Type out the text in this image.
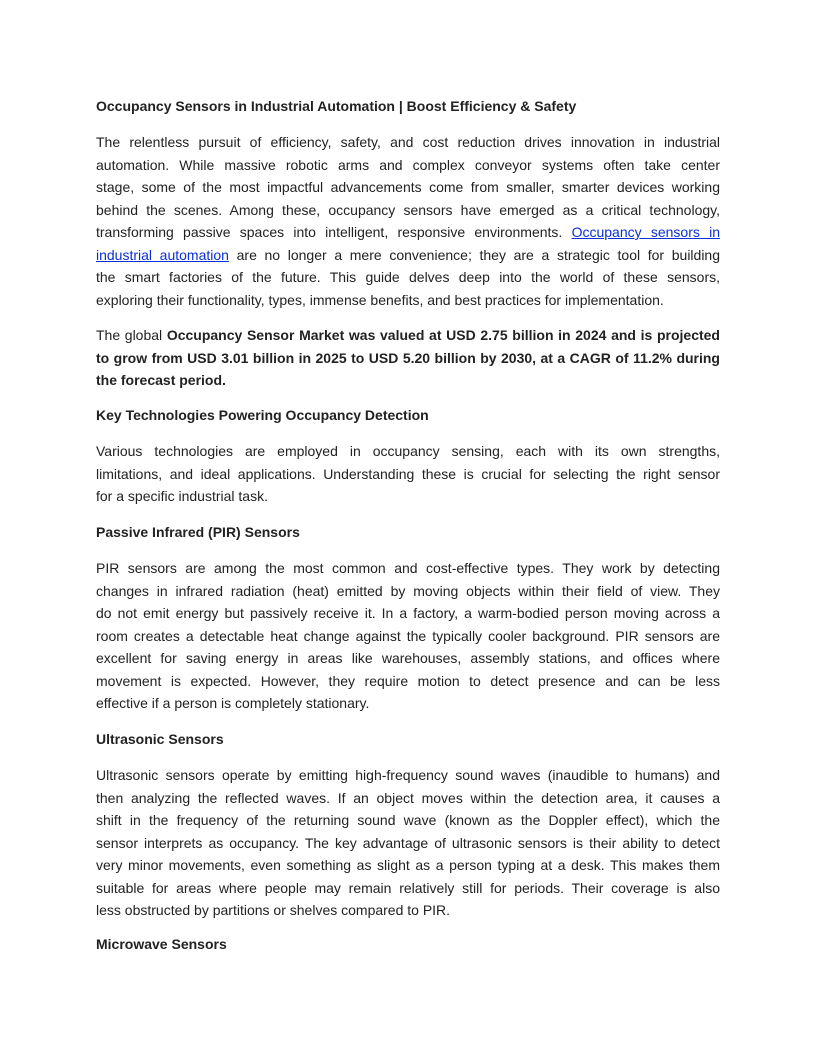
Occupancy Sensors in Industrial Automation | Boost Efficiency & Safety
The relentless pursuit of efficiency, safety, and cost reduction drives innovation in industrial
automation. While massive robotic arms and complex conveyor systems often take center
stage, some of the most impactful advancements come from smaller, smarter devices working
behind the scenes. Among these, occupancy sensors have emerged as a critical technology,
transforming passive spaces into intelligent, responsive environments. Occupancy sensors in
industrial automation are no longer a mere convenience; they are a strategic tool for building
the smart factories of the future. This guide delves deep into the world of these sensors,
exploring their functionality, types, immense benefits, and best practices for implementation.
The global Occupancy Sensor Market was valued at USD 2.75 billion in 2024 and is projected
to grow from USD 3.01 billion in 2025 to USD 5.20 billion by 2030, at a CAGR of 11.2% during
the forecast period.
Key Technologies Powering Occupancy Detection
Various technologies are employed in occupancy sensing, each with its own strengths,
limitations, and ideal applications. Understanding these is crucial for selecting the right sensor
for a specific industrial task.
Passive Infrared (PIR) Sensors
PIR sensors are among the most common and cost-effective types. They work by detecting
changes in infrared radiation (heat) emitted by moving objects within their field of view. They
do not emit energy but passively receive it. In a factory, a warm-bodied person moving across a
room creates a detectable heat change against the typically cooler background. PIR sensors are
excellent for saving energy in areas like warehouses, assembly stations, and offices where
movement is expected. However, they require motion to detect presence and can be less
effective if a person is completely stationary.
Ultrasonic Sensors
Ultrasonic sensors operate by emitting high-frequency sound waves (inaudible to humans) and
then analyzing the reflected waves. If an object moves within the detection area, it causes a
shift in the frequency of the returning sound wave (known as the Doppler effect), which the
sensor interprets as occupancy. The key advantage of ultrasonic sensors is their ability to detect
very minor movements, even something as slight as a person typing at a desk. This makes them
suitable for areas where people may remain relatively still for periods. Their coverage is also
less obstructed by partitions or shelves compared to PIR.
Microwave Sensors
